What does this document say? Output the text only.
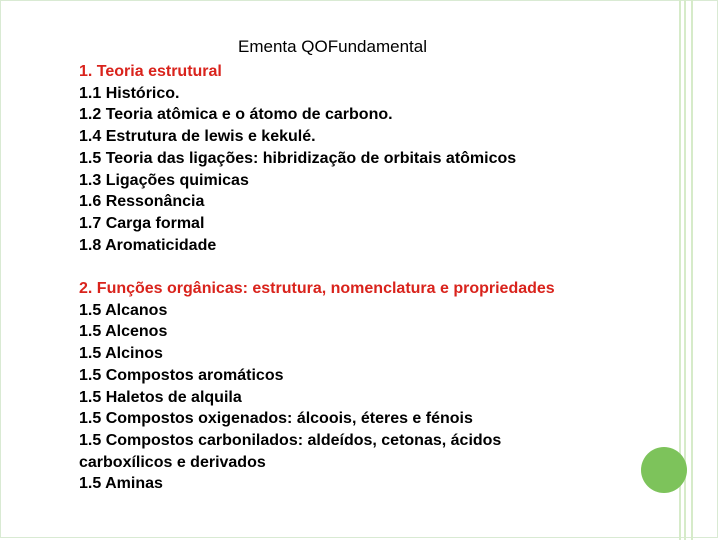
Ementa QOFundamental
1. Teoria estrutural
1.1 Histórico.
1.2 Teoria atômica e o átomo de carbono.
1.4 Estrutura de lewis e kekulé.
1.5 Teoria das ligações: hibridização de orbitais atômicos
1.3 Ligações quimicas
1.6 Ressonância
1.7 Carga formal
1.8 Aromaticidade
2. Funções orgânicas: estrutura, nomenclatura e propriedades
1.5 Alcanos
1.5 Alcenos
1.5 Alcinos
1.5 Compostos aromáticos
1.5 Haletos de alquila
1.5 Compostos oxigenados: álcoois, éteres e fénois
1.5 Compostos carbonilados: aldeídos, cetonas, ácidos carboxílicos e derivados
1.5 Aminas
